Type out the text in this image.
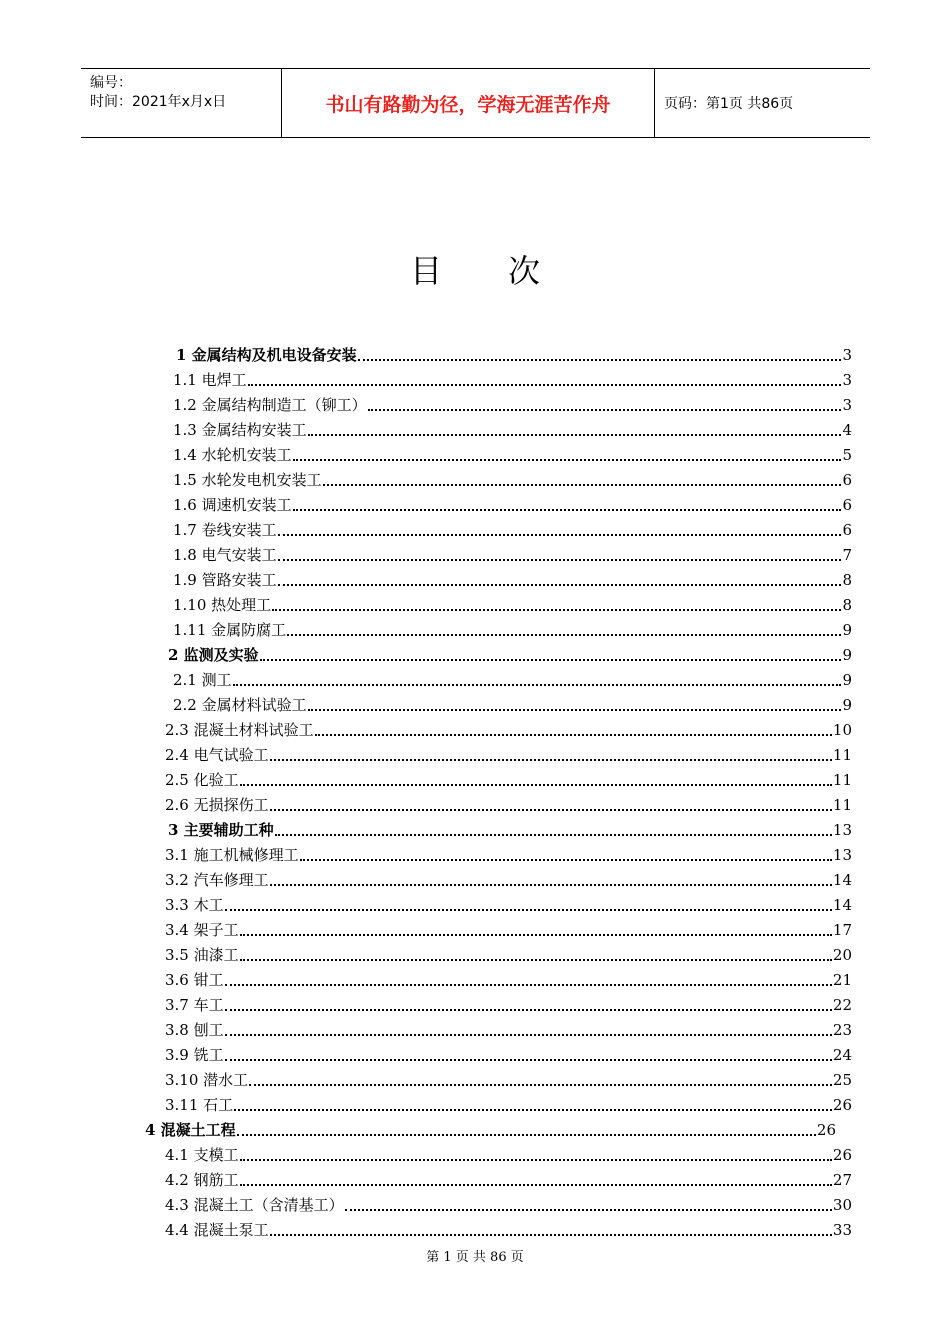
编号：
时间：2021年x月x日	书山有路勤为径，学海无涯苦作舟	页码：第1页 共86页
目 次
1 金属结构及机电设备安装	3
1.1 电焊工	3
1.2 金属结构制造工（铆工）	3
1.3 金属结构安装工	4
1.4 水轮机安装工	5
1.5 水轮发电机安装工	6
1.6 调速机安装工	6
1.7 卷线安装工	6
1.8 电气安装工	7
1.9 管路安装工	8
1.10 热处理工	8
1.11 金属防腐工	9
2 监测及实验	9
2.1 测工	9
2.2 金属材料试验工	9
2.3 混凝土材料试验工	10
2.4 电气试验工	11
2.5 化验工	11
2.6 无损探伤工	11
3 主要辅助工种	13
3.1 施工机械修理工	13
3.2 汽车修理工	14
3.3 木工	14
3.4 架子工	17
3.5 油漆工	20
3.6 钳工	21
3.7 车工	22
3.8 刨工	23
3.9 铣工	24
3.10 潜水工	25
3.11 石工	26
4 混凝土工程	26
4.1 支模工	26
4.2 钢筋工	27
4.3 混凝土工（含清基工）	30
4.4 混凝土泵工	33
第 1 页 共 86 页
